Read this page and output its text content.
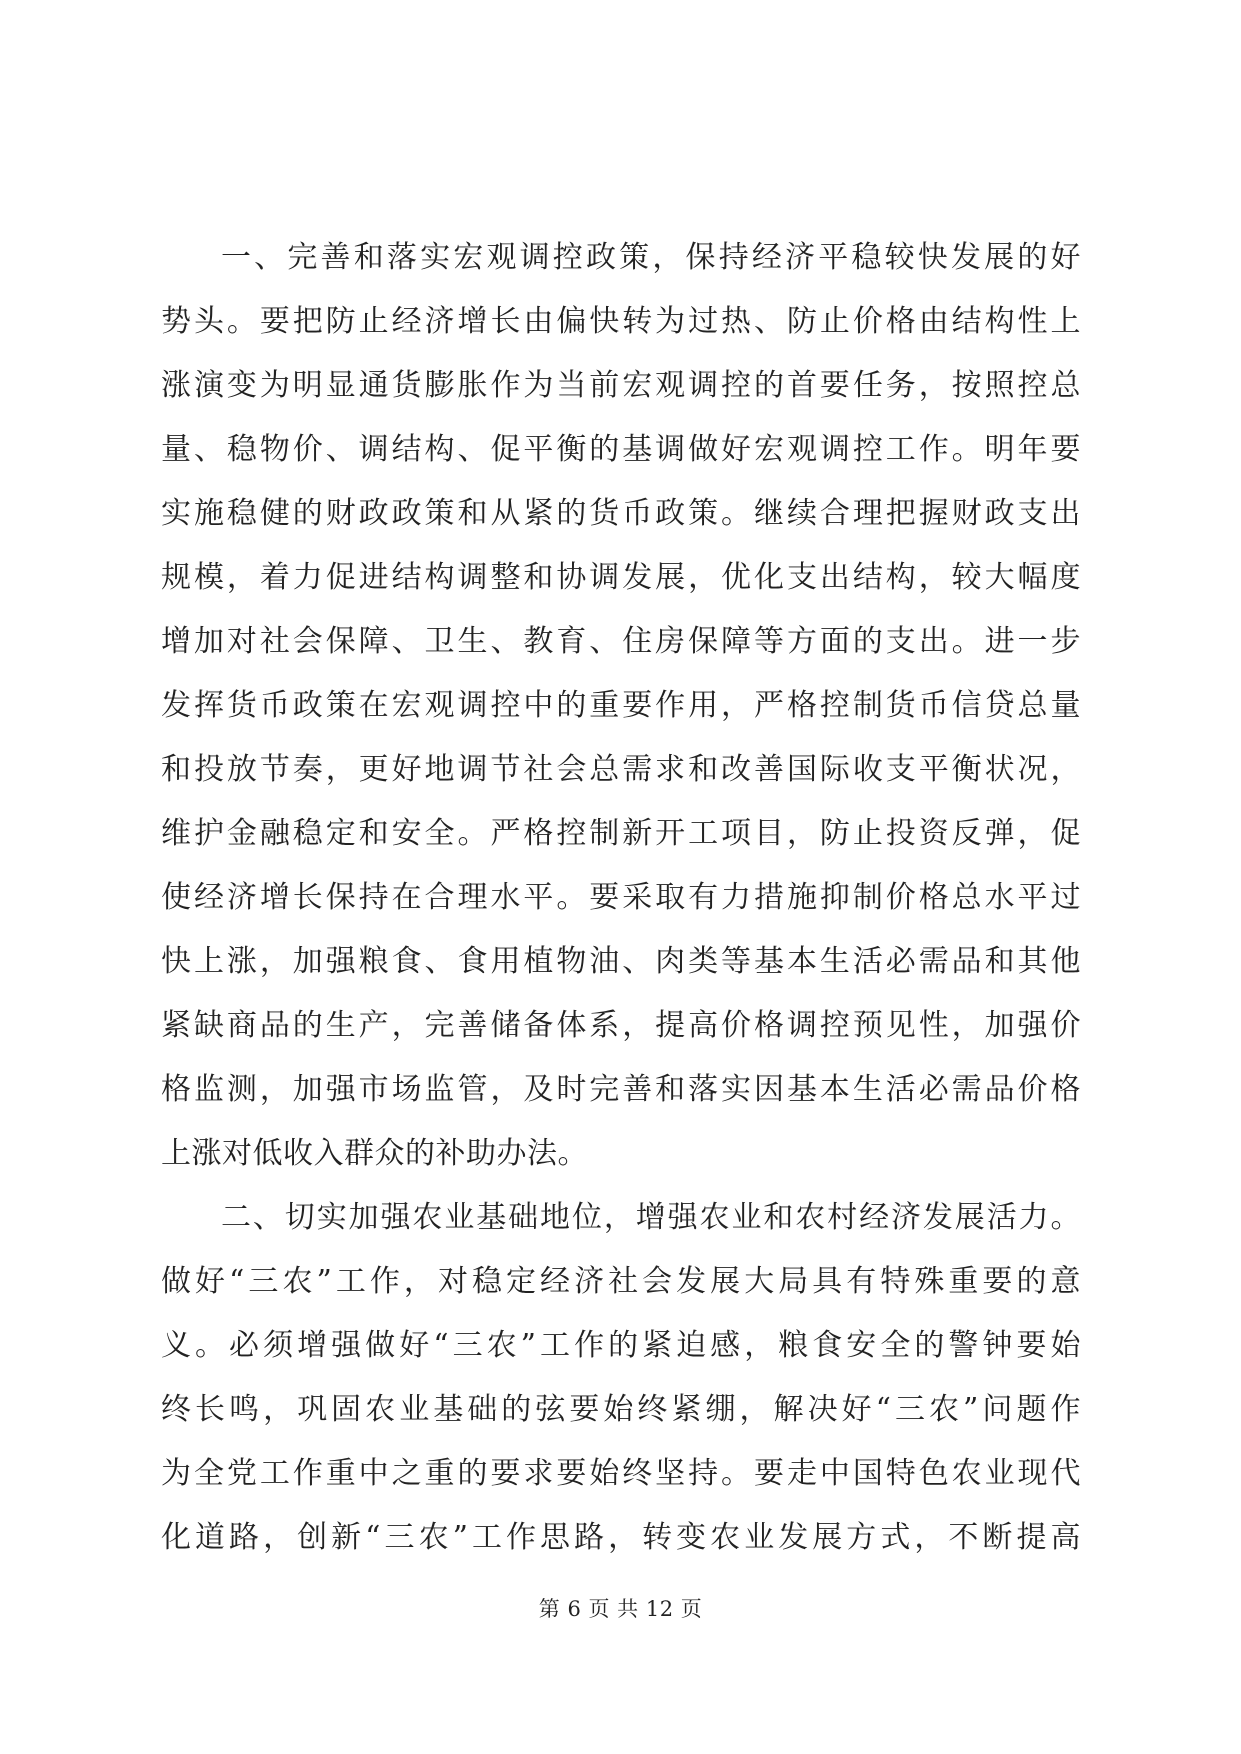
一、完善和落实宏观调控政策，保持经济平稳较快发展的好
势头。要把防止经济增长由偏快转为过热、防止价格由结构性上
涨演变为明显通货膨胀作为当前宏观调控的首要任务，按照控总
量、稳物价、调结构、促平衡的基调做好宏观调控工作。明年要
实施稳健的财政政策和从紧的货币政策。继续合理把握财政支出
规模，着力促进结构调整和协调发展，优化支出结构，较大幅度
增加对社会保障、卫生、教育、住房保障等方面的支出。进一步
发挥货币政策在宏观调控中的重要作用，严格控制货币信贷总量
和投放节奏，更好地调节社会总需求和改善国际收支平衡状况，
维护金融稳定和安全。严格控制新开工项目，防止投资反弹，促
使经济增长保持在合理水平。要采取有力措施抑制价格总水平过
快上涨，加强粮食、食用植物油、肉类等基本生活必需品和其他
紧缺商品的生产，完善储备体系，提高价格调控预见性，加强价
格监测，加强市场监管，及时完善和落实因基本生活必需品价格
上涨对低收入群众的补助办法。
二、切实加强农业基础地位，增强农业和农村经济发展活力。
做好“三农”工作，对稳定经济社会发展大局具有特殊重要的意
义。必须增强做好“三农”工作的紧迫感，粮食安全的警钟要始
终长鸣，巩固农业基础的弦要始终紧绷，解决好“三农”问题作
为全党工作重中之重的要求要始终坚持。要走中国特色农业现代
化道路，创新“三农”工作思路，转变农业发展方式，不断提高
第 6 页 共 12 页
